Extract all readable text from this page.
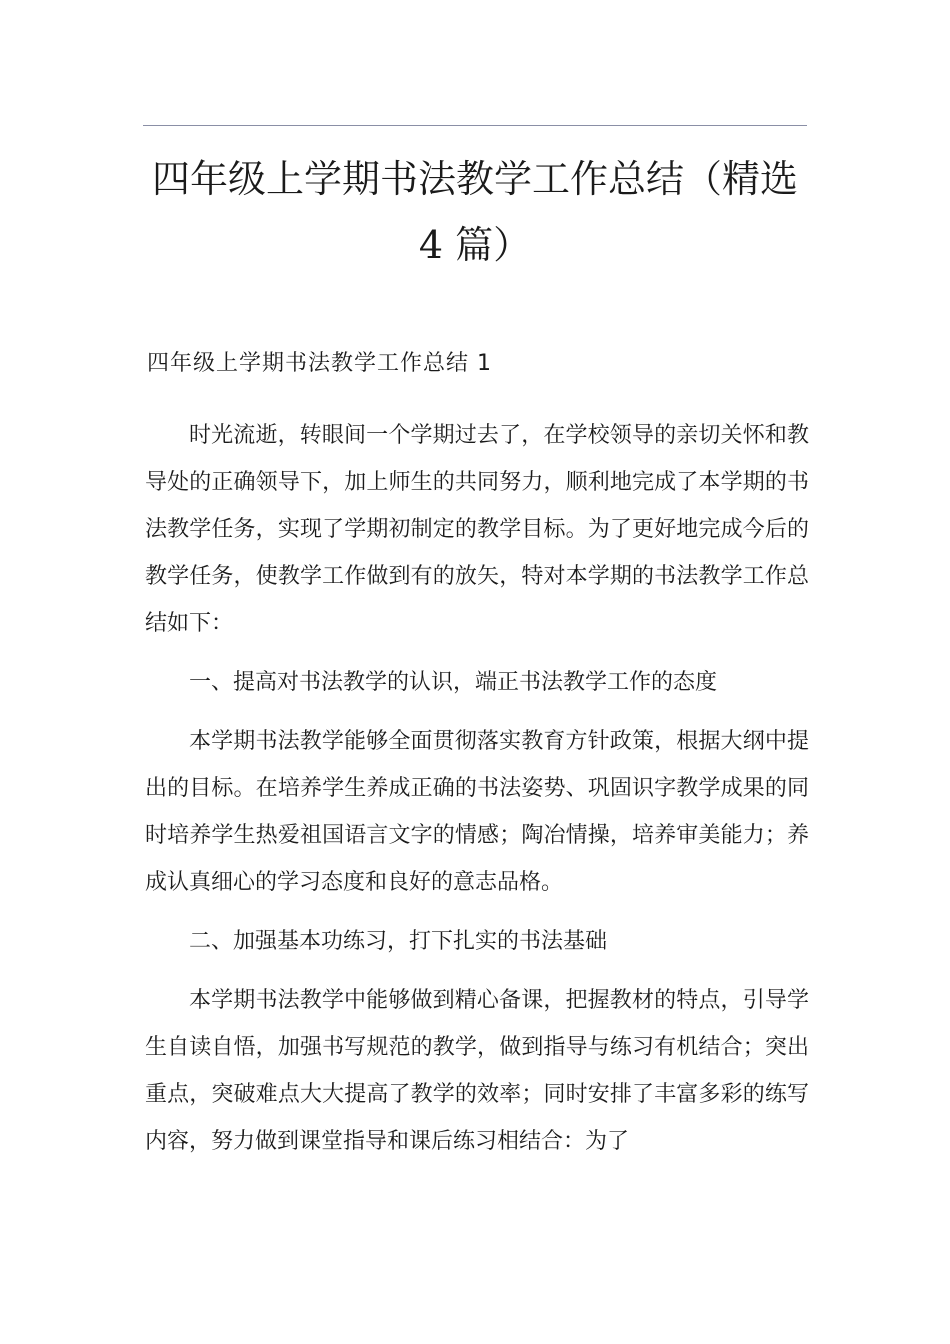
四年级上学期书法教学工作总结（精选 4 篇）
四年级上学期书法教学工作总结 1

时光流逝，转眼间一个学期过去了，在学校领导的亲切关怀和教导处的正确领导下，加上师生的共同努力，顺利地完成了本学期的书法教学任务，实现了学期初制定的教学目标。为了更好地完成今后的教学任务，使教学工作做到有的放矢，特对本学期的书法教学工作总结如下：

一、提高对书法教学的认识，端正书法教学工作的态度

本学期书法教学能够全面贯彻落实教育方针政策，根据大纲中提出的目标。在培养学生养成正确的书法姿势、巩固识字教学成果的同时培养学生热爱祖国语言文字的情感；陶冶情操，培养审美能力；养成认真细心的学习态度和良好的意志品格。

二、加强基本功练习，打下扎实的书法基础

本学期书法教学中能够做到精心备课，把握教材的特点，引导学生自读自悟，加强书写规范的教学，做到指导与练习有机结合；突出重点，突破难点大大提高了教学的效率；同时安排了丰富多彩的练写内容，努力做到课堂指导和课后练习相结合：为了
